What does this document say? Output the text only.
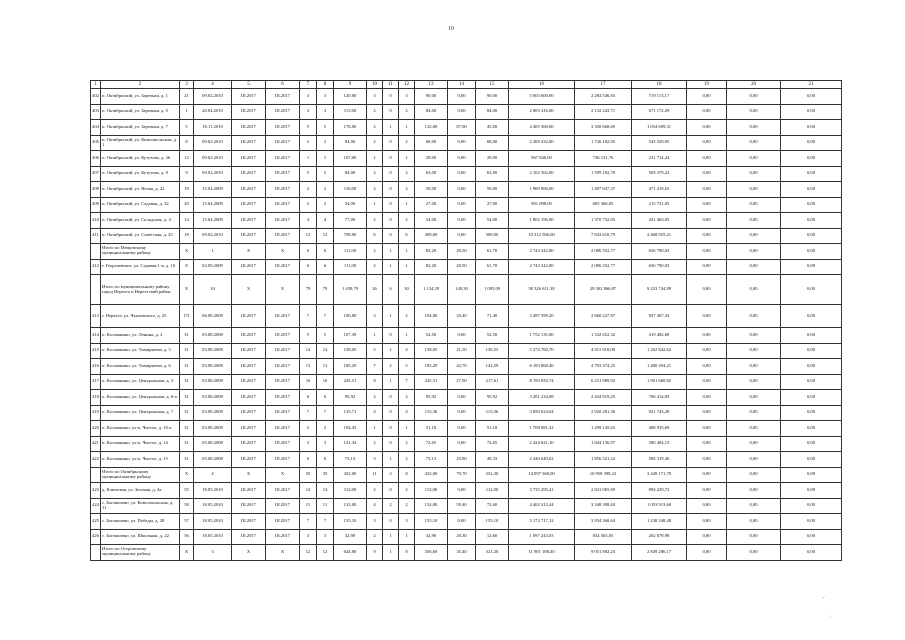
10
1	2	3	4	5	6	7	8	9	10	11	12	13	14	15	16	17	18	19	20	21
402	п. Октябрьский, ул. Заречная, д. 1	21	09.02.2010	III.2017	III.2017	3	3	120,00	3	0	3	90,00	0,00	90,00	5 003 600,00	2 284 546,83	719 113,17	0,00	0,00	0,00
403	п. Октябрьский, ул. Заречная, д. 5	1	20.04.2010	III.2017	III.2017	3	3	113,00	2	0	2	84,00	0,00	84,00	2 803 416,00	2 132 243,71	671 172,29	0,00	0,00	0,00
404	п. Октябрьский, ул. Заречная, д. 7	5	18.11.2010	III.2017	III.2017	5	5	176,00	2	1	1	132,00	87,00	45,00	4 405 368,00	3 350 668,69	1 054 699,31	0,00	0,00	0,00
405	п. Октябрьский, ул. Комсомольская, д. 1	8	09.02.2010	III.2017	III.2017	2	2	94,00	2	0	2	68,00	0,00	68,00	2 269 432,00	1 726 102,05	543 329,95	0,00	0,00	0,00
406	п. Октябрьский, ул. Кутузова, д. 26	12	09.02.2010	III.2017	III.2017	1	1	107,00	1	0	1	29,00	0,00	29,00	967 846,00	736 131,76	231 714,24	0,00	0,00	0,00
407	п. Октябрьский, ул. Кутузова, д. 9	9	09.02.2010	III.2017	III.2017	5	5	84,00	2	0	2	63,00	0,00	63,00	2 102 562,00	1 599 182,78	503 379,22	0,00	0,00	0,00
408	п. Октябрьский, ул. Нечая, д. 22	18	15.04.2009	III.2017	III.2017	2	2	116,00	2	0	2	59,00	0,00	59,00	1 969 066,00	1 497 647,37	471 418,63	0,00	0,00	0,00
409	п. Октябрьский, ул. Садовая, д. 32	20	15.04.2009	III.2017	III.2017	2	2	54,00	1	0	1	27,00	0,00	27,00	901 098,00	685 366,05	215 731,95	0,00	0,00	0,00
410	п. Октябрьский, ул. Складская, д. 4	14	15.04.2009	III.2017	III.2017	4	4	77,00	2	0	2	54,00	0,00	54,00	1 802 196,00	1 370 732,05	431 463,95	0,00	0,00	0,00
411	п. Октябрьский, ул. Советская, д. 25	18	09.02.2010	III.2017	III.2017	12	12	708,00	6	0	6	309,00	0,00	309,00	10 312 566,00	7 843 610,79	2 468 955,21	0,00	0,00	0,00
	Итого по Мещовскому муниципальному району	X	1	X	X	6	6	111,00	2	1	1	82,20	20,50	61,70	2 743 342,80	2 086 552,77	656 790,03	0,00	0,00	0,00
412	г. Георгиевское, ул. Садовая 1-я, д. 10	8	02.09.2009	III.2017	III.2017	6	6	111,00	2	1	1	82,20	20,50	61,70	2 743 342,80	2 086 552,77	656 790,03	0,00	0,00	0,00
	Итого по муниципальному району город Нерехта и Нерехтский район	X	10	X	X	79	79	1 439,79	26	6	30	1 134,39	149,30	1 005,09	38 326 611,38	29 302 866,87	9 223 744,99	0,00	0,00	0,00
413	г. Нерехта, ул. Чкаловского, д. 25	171	06.08.2008	III.2017	III.2017	7	7	106,80	3	1	2	104,80	33,40	71,40	3 497 599,20	2 660 227,87	837 367,33	0,00	0,00	0,00
414	п. Космынино, ул. Ленина, д. 2	31	03.08.2008	III.2017	III.2017	5	5	107,39	1	0	1	52,50	0,00	52,50	1 752 135,00	1 332 652,32	419 482,68	0,00	0,00	0,00
415	п. Космынино, ул. Тимирязева, д. 5	31	03.08.2008	III.2017	III.2017	14	14	158,05	5	1	4	158,05	21,50	136,55	5 274 760,70	4 011 918,08	1 262 842,62	0,00	0,00	0,00
416	п. Космынино, ул. Тимирязева, д. 6	31	03.08.2008	III.2017	III.2017	13	13	185,29	7	2	5	185,29	42,70	142,59	6 183 868,46	4 703 374,25	1 480 494,21	0,00	0,00	0,00
417	п. Космынино, ул. Центральная, д. 3	31	03.08.2008	III.2017	III.2017	16	16	245,51	8	1	7	245,51	27,90	217,61	8 193 650,74	6 231 989,92	1 961 660,82	0,00	0,00	0,00
418	п. Космынино, ул. Центральная, д. 6-а	31	03.08.2008	III.2017	III.2017	6	6	95,92	2	0	2	95,92	0,00	95,92	3 201 234,08	2 434 819,25	766 414,83	0,00	0,00	0,00
419	п. Космынино, ул. Центральная, д. 7	31	03.08.2008	III.2017	III.2017	7	7	133,71	4	0	4	115,36	0,00	115,36	3 850 024,64	2 928 281,36	921 743,28	0,00	0,00	0,00
420	п. Космынино, ул-к. Чистое, д. 10-а	31	03.08.2008	III.2017	III.2017	2	2	194,45	1	0	1	51,18	0,00	51,18	1 708 081,32	1 299 145,63	408 935,69	0,00	0,00	0,00
421	п. Космынино, ул-к. Чистое, д. 14	31	03.08.2008	III.2017	III.2017	3	3	141,34	2	0	2	72,65	0,00	72,65	2 424 621,10	1 844 136,97	580 484,13	0,00	0,00	0,00
422	п. Космынино, ул-к. Чистое, д. 15	31	03.08.2008	III.2017	III.2017	6	6	73,13	3	1	2	73,13	23,80	49,33	2 440 640,62	1 856 321,22	584 319,40	0,00	0,00	0,00
	Итого по Октябрьскому муниципальному району	X	4	X	X	35	35	432,00	11	3	8	432,00	79,70	352,30	14 097 568,00	10 958 398,22	3 449 171,78	0,00	0,00	0,00
423	д. Ключевая, ул. Зеленая, д. 4а	55	18.05.2010	III.2017	III.2017	14	14	112,00	2	0	2	112,00	0,00	112,00	3 735 295,41	2 841 065,69	894 229,72	0,00	0,00	0,00
424	с. Богоявлено, ул. Комсомольская, д. 11	58	18.05.2010	III.2017	III.2017	11	11	132,00	4	2	2	132,00	59,40	72,60	4 402 312,44	3 348 398,84	1 053 913,60	0,00	0,00	0,00
425	с. Богоявлено, ул. Победы, д. 28	57	18.05.2010	III.2017	III.2017	7	7	155,10	3	0	3	155,10	0,00	155,10	5 172 717,12	3 934 368,64	1 238 348,48	0,00	0,00	0,00
426	с. Богоявлено, ул. Школьная, д. 22	56	18.05.2010	III.2017	III.2017	3	3	32,90	2	1	1	32,90	20,30	12,60	1 097 243,03	834 565,05	262 678,98	0,00	0,00	0,00
	Итого по Островскому муниципальному району	X	3	X	X	12	12	644,80	9	1	8	356,60	35,40	321,20	11 901 188,40	9 051 882,23	2 849 286,17	0,00	0,00	0,00
⸝
·
